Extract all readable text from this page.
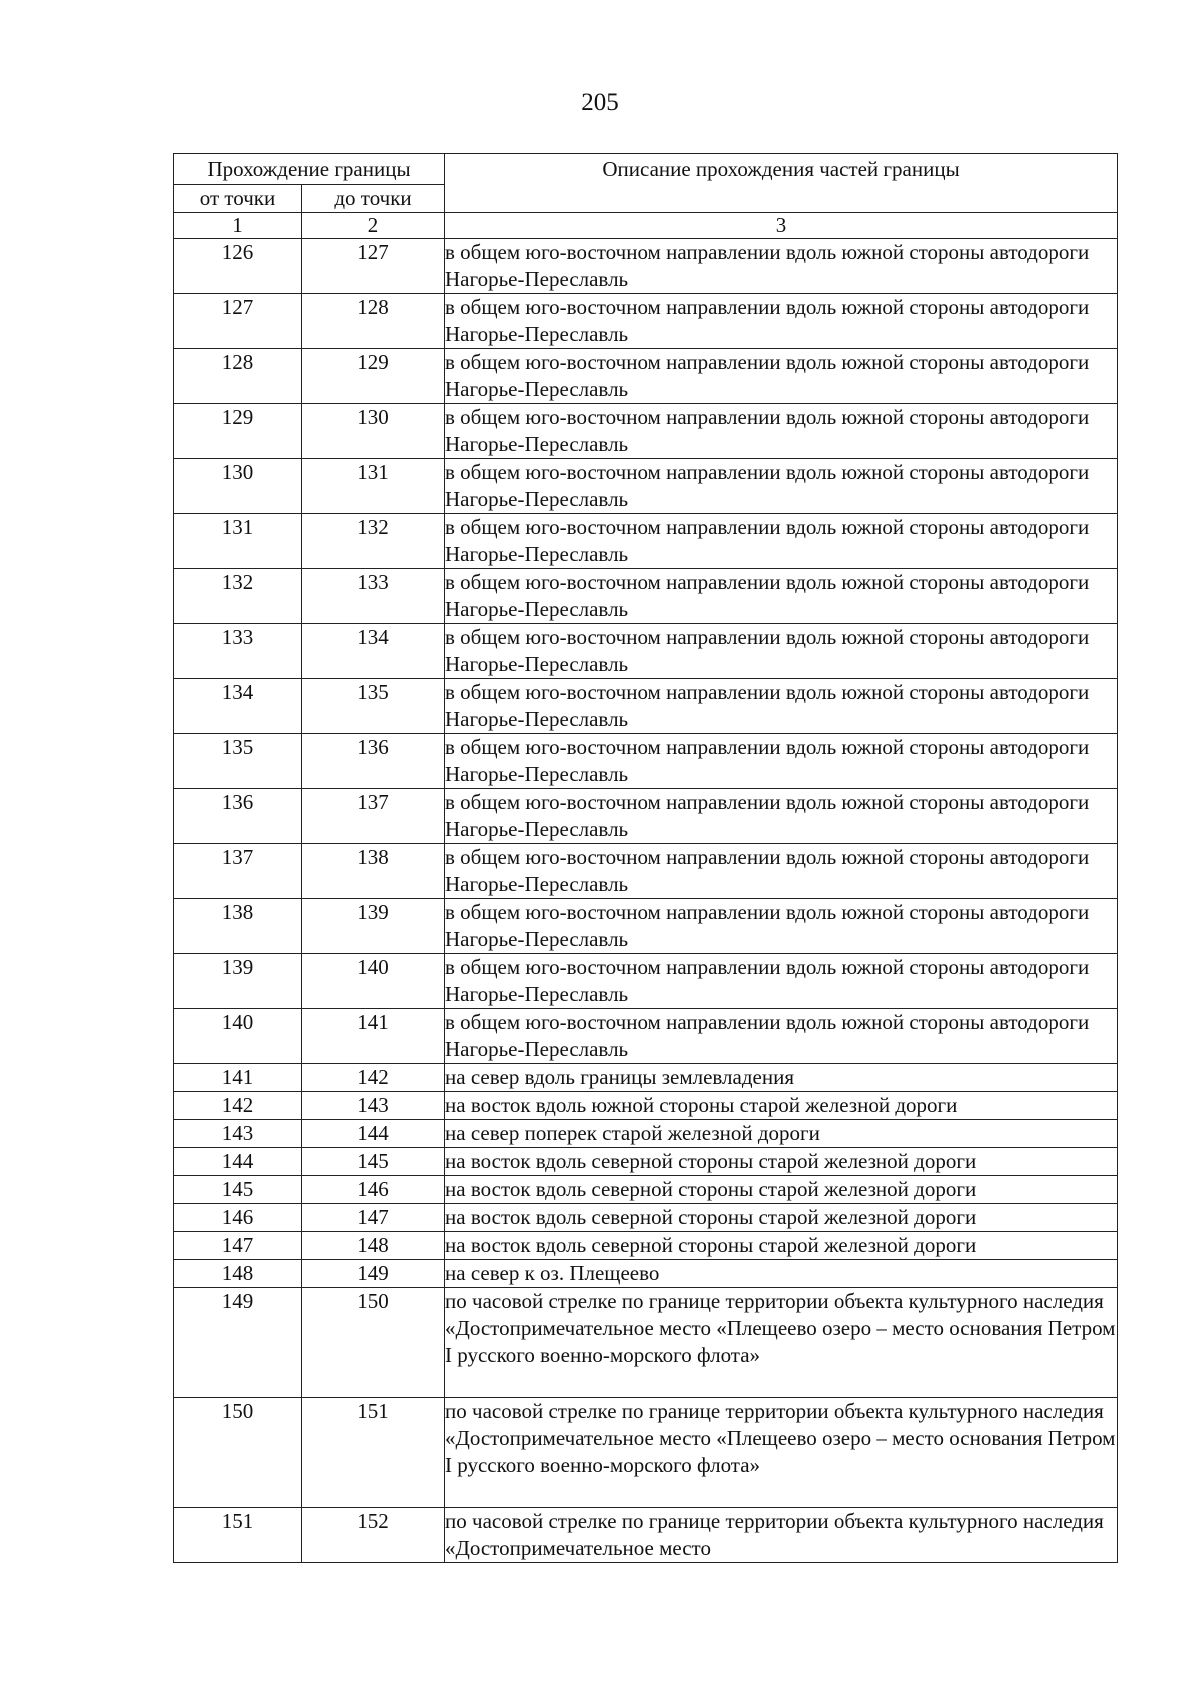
205
Прохождение границы		Описание прохождения частей границы
от точки	до точки	
1	2	3
126	127	в общем юго-восточном направлении вдоль южной стороны автодороги Нагорье-Переславль
127	128	в общем юго-восточном направлении вдоль южной стороны автодороги Нагорье-Переславль
128	129	в общем юго-восточном направлении вдоль южной стороны автодороги Нагорье-Переславль
129	130	в общем юго-восточном направлении вдоль южной стороны автодороги Нагорье-Переславль
130	131	в общем юго-восточном направлении вдоль южной стороны автодороги Нагорье-Переславль
131	132	в общем юго-восточном направлении вдоль южной стороны автодороги Нагорье-Переславль
132	133	в общем юго-восточном направлении вдоль южной стороны автодороги Нагорье-Переславль
133	134	в общем юго-восточном направлении вдоль южной стороны автодороги Нагорье-Переславль
134	135	в общем юго-восточном направлении вдоль южной стороны автодороги Нагорье-Переславль
135	136	в общем юго-восточном направлении вдоль южной стороны автодороги Нагорье-Переславль
136	137	в общем юго-восточном направлении вдоль южной стороны автодороги Нагорье-Переславль
137	138	в общем юго-восточном направлении вдоль южной стороны автодороги Нагорье-Переславль
138	139	в общем юго-восточном направлении вдоль южной стороны автодороги Нагорье-Переславль
139	140	в общем юго-восточном направлении вдоль южной стороны автодороги Нагорье-Переславль
140	141	в общем юго-восточном направлении вдоль южной стороны автодороги Нагорье-Переславль
141	142	на север вдоль границы землевладения
142	143	на восток вдоль южной стороны старой железной дороги
143	144	на север поперек старой железной дороги
144	145	на восток вдоль северной стороны старой железной дороги
145	146	на восток вдоль северной стороны старой железной дороги
146	147	на восток вдоль северной стороны старой железной дороги
147	148	на восток вдоль северной стороны старой железной дороги
148	149	на север к оз. Плещеево
149	150	по часовой стрелке по границе территории объекта культурного наследия «Достопримечательное место «Плещеево озеро – место основания Петром I русского военно-морского флота»
150	151	по часовой стрелке по границе территории объекта культурного наследия «Достопримечательное место «Плещеево озеро – место основания Петром I русского военно-морского флота»
151	152	по часовой стрелке по границе территории объекта культурного наследия «Достопримечательное место
